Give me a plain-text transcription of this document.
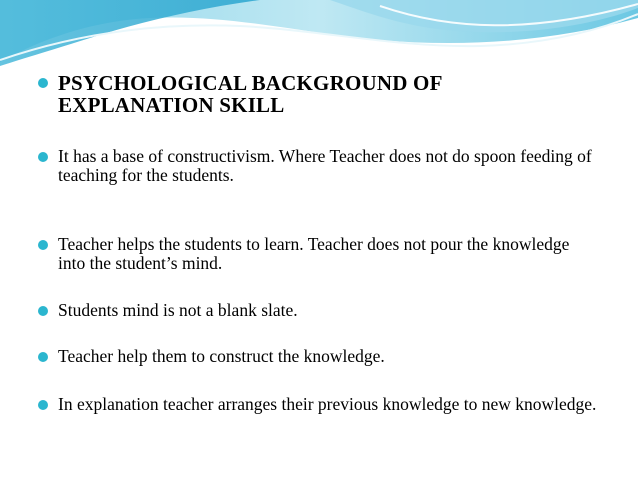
PSYCHOLOGICAL BACKGROUND OF EXPLANATION SKILL
It has a base of constructivism. Where Teacher does not do spoon feeding of teaching for the students.
Teacher helps the students to learn. Teacher does not pour the knowledge into the student’s mind.
Students mind is not a blank slate.
Teacher help them to construct the knowledge.
In explanation teacher arranges their previous knowledge to new knowledge.
